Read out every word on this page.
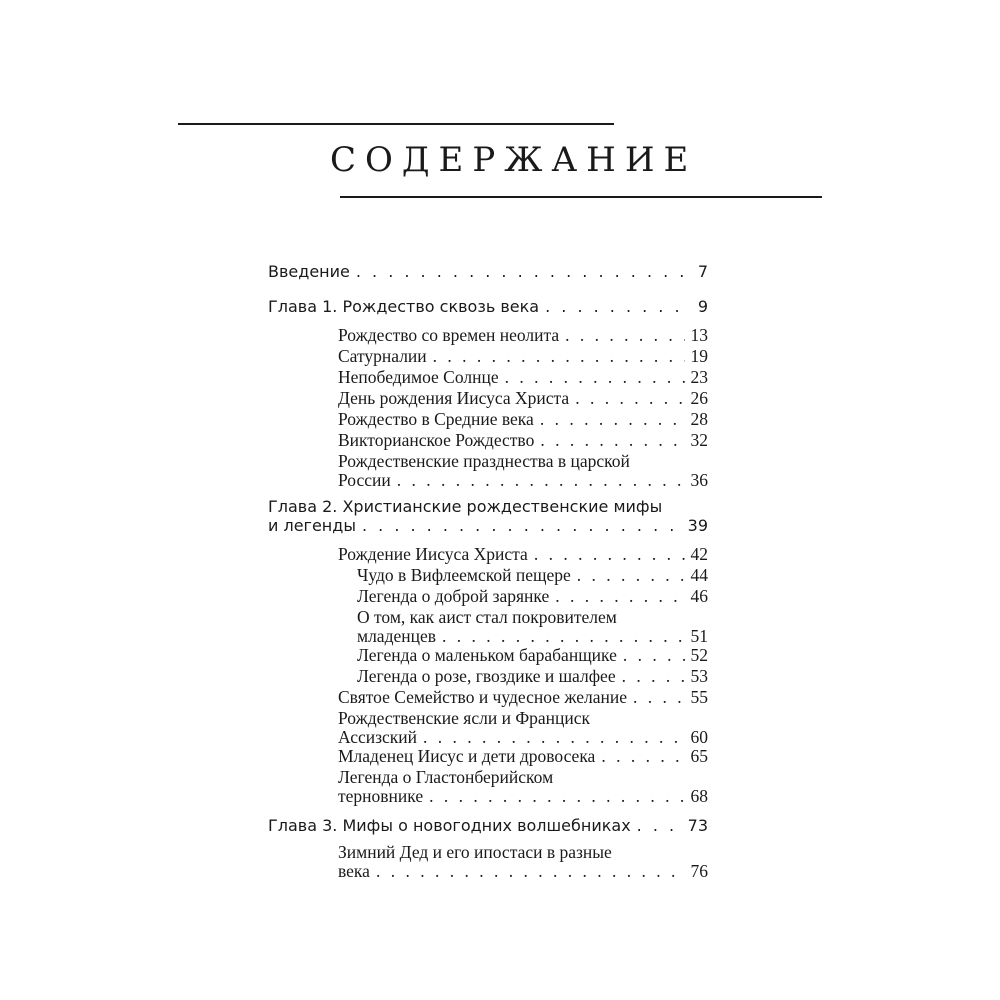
СОДЕРЖАНИЕ
Введение . . .	7
Глава 1. Рождество сквозь века . . .	9
Рождество со времен неолита . . .	13
Сатурналии . . .	19
Непобедимое Солнце . . .	23
День рождения Иисуса Христа . . .	26
Рождество в Средние века . . .	28
Викторианское Рождество . . .	32
Рождественские празднества в царской
России . . .	36
Глава 2. Христианские рождественские мифы
и легенды . . .	39
Рождение Иисуса Христа . . .	42
Чудо в Вифлеемской пещере . . .	44
Легенда о доброй зарянке . . .	46
О том, как аист стал покровителем
младенцев . . .	51
Легенда о маленьком барабанщике . . .	52
Легенда о розе, гвоздике и шалфее . . .	53
Святое Семейство и чудесное желание . . .	55
Рождественские ясли и Франциск
Ассизский . . .	60
Младенец Иисус и дети дровосека . . .	65
Легенда о Гластонберийском
терновнике . . .	68
Глава 3. Мифы о новогодних волшебниках . . .	73
Зимний Дед и его ипостаси в разные
века . . .	76
